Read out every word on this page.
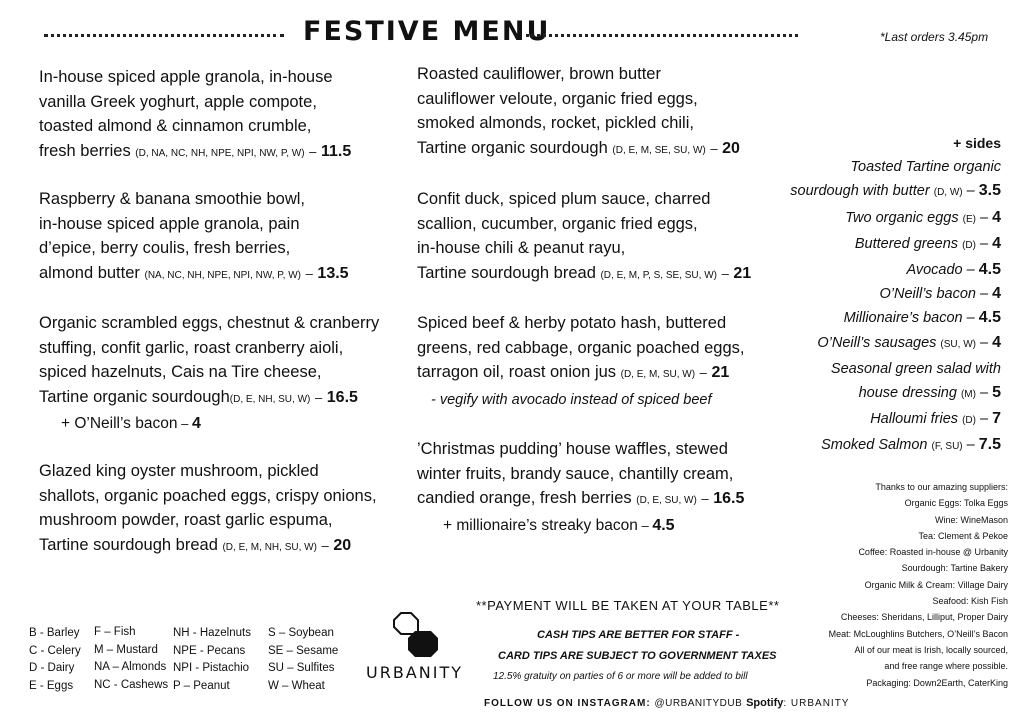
FESTIVE MENU	*Last orders 3.45pm
In-house spiced apple granola, in-house
vanilla Greek yoghurt, apple compote,
toasted almond & cinnamon crumble,
fresh berries (D, NA, NC, NH, NPE, NPI, NW, P, W) – 11.5
Raspberry & banana smoothie bowl,
in-house spiced apple granola, pain
d’epice, berry coulis, fresh berries,
almond butter (NA, NC, NH, NPE, NPI, NW, P, W) – 13.5
Organic scrambled eggs, chestnut & cranberry
stuffing, confit garlic, roast cranberry aioli,
spiced hazelnuts, Cais na Tire cheese,
Tartine organic sourdough(D, E, NH, SU, W) – 16.5
+ O’Neill’s bacon – 4
Glazed king oyster mushroom, pickled
shallots, organic poached eggs, crispy onions,
mushroom powder, roast garlic espuma,
Tartine sourdough bread (D, E, M, NH, SU, W) – 20
Roasted cauliflower, brown butter
cauliflower veloute, organic fried eggs,
smoked almonds, rocket, pickled chili,
Tartine organic sourdough (D, E, M, SE, SU, W) – 20
Confit duck, spiced plum sauce, charred
scallion, cucumber, organic fried eggs,
in-house chili & peanut rayu,
Tartine sourdough bread (D, E, M, P, S, SE, SU, W) – 21
Spiced beef & herby potato hash, buttered
greens, red cabbage, organic poached eggs,
tarragon oil, roast onion jus (D, E, M, SU, W) – 21
- vegify with avocado instead of spiced beef
’Christmas pudding’ house waffles, stewed
winter fruits, brandy sauce, chantilly cream,
candied orange, fresh berries (D, E, SU, W) – 16.5
+ millionaire’s streaky bacon – 4.5
+ sides
Toasted Tartine organic
sourdough with butter (D, W) – 3.5
Two organic eggs (E) – 4
Buttered greens (D) – 4
Avocado – 4.5
O’Neill’s bacon – 4
Millionaire’s bacon – 4.5
O’Neill’s sausages (SU, W) – 4
Seasonal green salad with
house dressing (M) – 5
Halloumi fries (D) – 7
Smoked Salmon (F, SU) – 7.5
B - Barley
C - Celery
D - Dairy
E - Eggs
F – Fish
M – Mustard
NA – Almonds
NC - Cashews
NH - Hazelnuts
NPE - Pecans
NPI - Pistachio
P – Peanut
S – Soybean
SE – Sesame
SU – Sulfites
W – Wheat
URBANITY
**PAYMENT WILL BE TAKEN AT YOUR TABLE**
CASH TIPS ARE BETTER FOR STAFF -
CARD TIPS ARE SUBJECT TO GOVERNMENT TAXES
12.5% gratuity on parties of 6 or more will be added to bill
FOLLOW US ON INSTAGRAM: @URBANITYDUB Spotify: URBANITY
Thanks to our amazing suppliers:
Organic Eggs: Tolka Eggs
Wine: WineMason
Tea: Clement & Pekoe
Coffee: Roasted in-house @ Urbanity
Sourdough: Tartine Bakery
Organic Milk & Cream: Village Dairy
Seafood: Kish Fish
Cheeses: Sheridans, Lilliput, Proper Dairy
Meat: McLoughlins Butchers, O’Neill’s Bacon
All of our meat is Irish, locally sourced,
and free range where possible.
Packaging: Down2Earth, CaterKing
